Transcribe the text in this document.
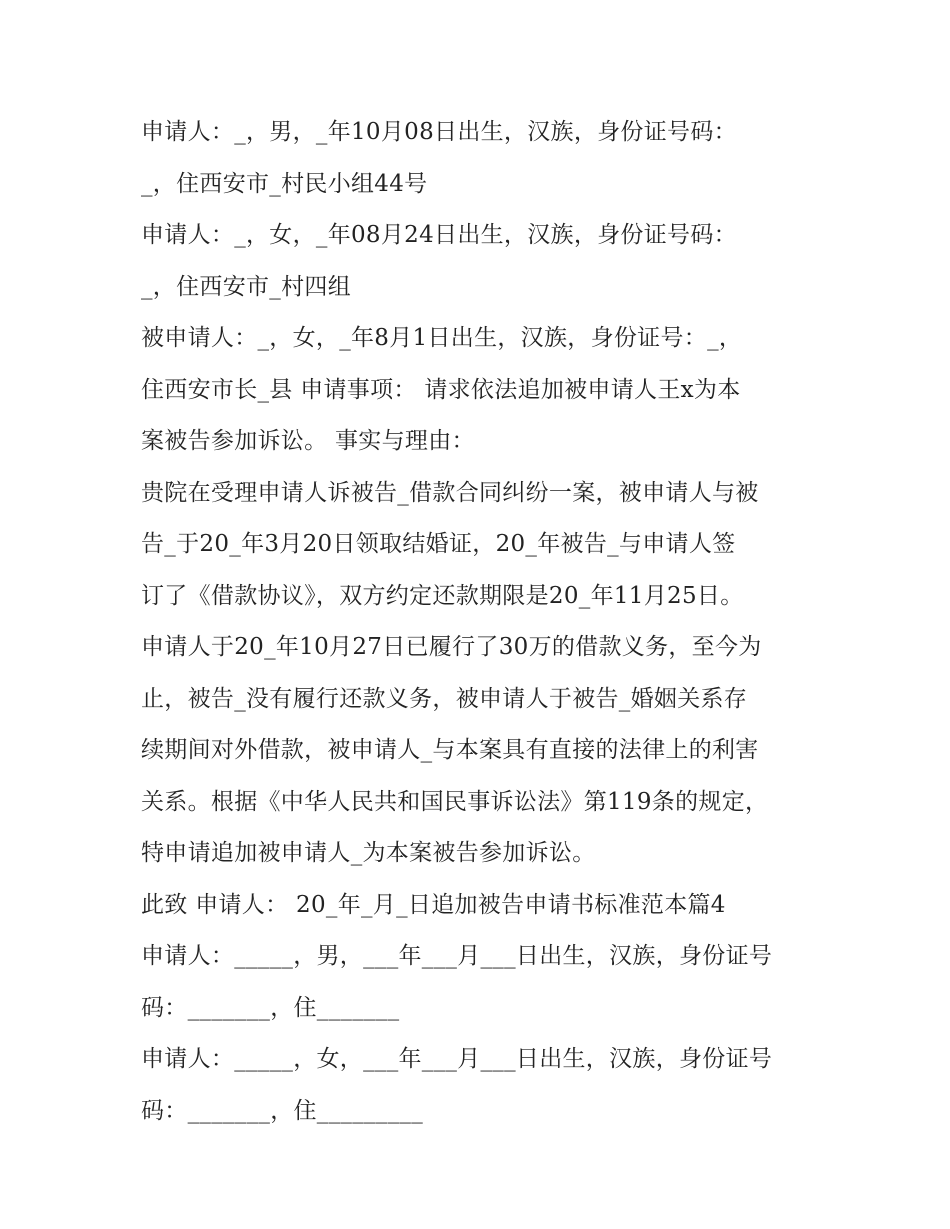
申请人：_，男，_年10月08日出生，汉族，身份证号码：
_，住西安市_村民小组44号
申请人：_，女，_年08月24日出生，汉族，身份证号码：
_，住西安市_村四组
被申请人：_，女，_年8月1日出生，汉族，身份证号：_，
住西安市长_县 申请事项： 请求依法追加被申请人王x为本
案被告参加诉讼。 事实与理由：
贵院在受理申请人诉被告_借款合同纠纷一案，被申请人与被
告_于20_年3月20日领取结婚证，20_年被告_与申请人签
订了《借款协议》，双方约定还款期限是20_年11月25日。
申请人于20_年10月27日已履行了30万的借款义务，至今为
止，被告_没有履行还款义务，被申请人于被告_婚姻关系存
续期间对外借款，被申请人_与本案具有直接的法律上的利害
关系。根据《中华人民共和国民事诉讼法》第119条的规定，
特申请追加被申请人_为本案被告参加诉讼。
此致 申请人： 20_年_月_日追加被告申请书标准范本篇4
申请人：_____，男，___年___月___日出生，汉族，身份证号
码：_______，住_______
申请人：_____，女，___年___月___日出生，汉族，身份证号
码：_______，住_________
